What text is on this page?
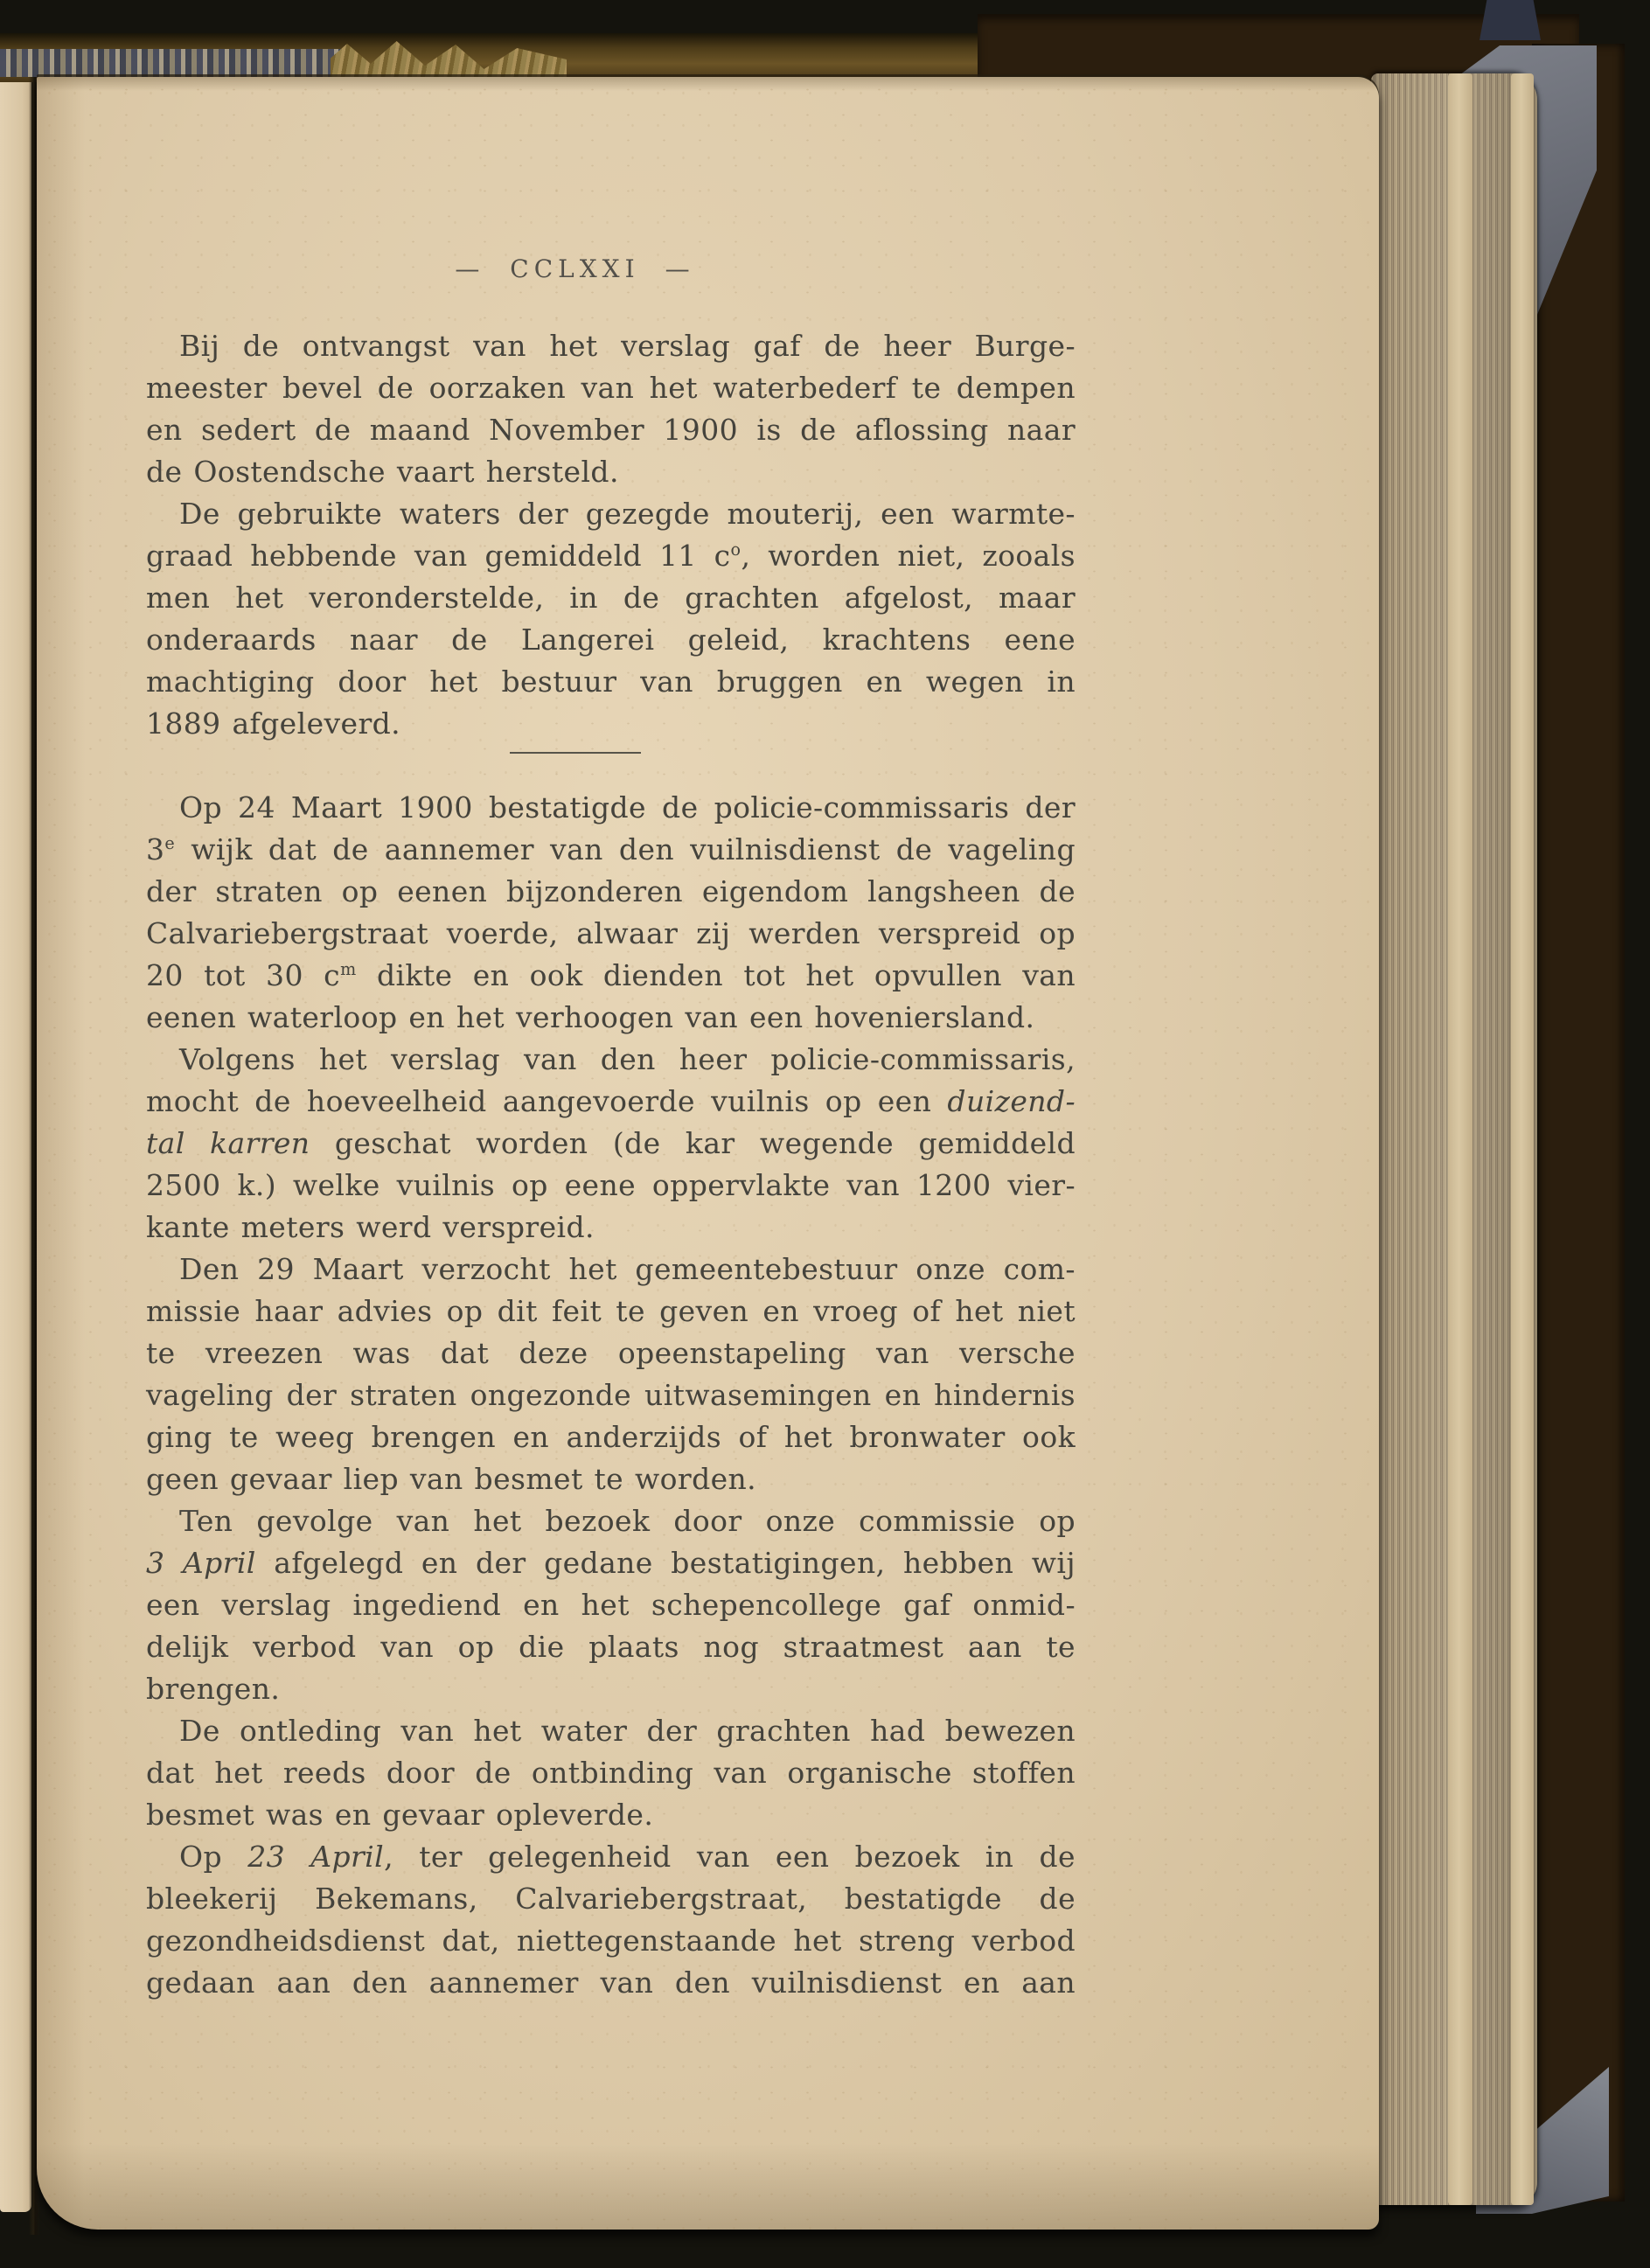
— CCLXXI —
Bij de ontvangst van het verslag gaf de heer Burge-
meester bevel de oorzaken van het waterbederf te dempen
en sedert de maand November 1900 is de aflossing naar
de Oostendsche vaart hersteld.
De gebruikte waters der gezegde mouterij, een warmte-
graad hebbende van gemiddeld 11 $c^o$, worden niet, zooals
men het veronderstelde, in de grachten afgelost, maar
onderaards naar de Langerei geleid, krachtens eene
machtiging door het bestuur van bruggen en wegen in
1889 afgeleverd.
Op 24 Maart 1900 bestatigde de policie-commissaris der
3e wijk dat de aannemer van den vuilnisdienst de vageling
der straten op eenen bijzonderen eigendom langsheen de
Calvariebergstraat voerde, alwaar zij werden verspreid op
20 tot 30 $c^m$ dikte en ook dienden tot het opvullen van
eenen waterloop en het verhoogen van een hoveniersland.
Volgens het verslag van den heer policie-commissaris,
mocht de hoeveelheid aangevoerde vuilnis op een duizend-
tal karren geschat worden (de kar wegende gemiddeld
2500 k.) welke vuilnis op eene oppervlakte van 1200 vier-
kante meters werd verspreid.
Den 29 Maart verzocht het gemeentebestuur onze com-
missie haar advies op dit feit te geven en vroeg of het niet
te vreezen was dat deze opeenstapeling van versche
vageling der straten ongezonde uitwasemingen en hindernis
ging te weeg brengen en anderzijds of het bronwater ook
geen gevaar liep van besmet te worden.
Ten gevolge van het bezoek door onze commissie op
3 April afgelegd en der gedane bestatigingen, hebben wij
een verslag ingediend en het schepencollege gaf onmid-
delijk verbod van op die plaats nog straatmest aan te
brengen.
De ontleding van het water der grachten had bewezen
dat het reeds door de ontbinding van organische stoffen
besmet was en gevaar opleverde.
Op 23 April, ter gelegenheid van een bezoek in de
bleekerij Bekemans, Calvariebergstraat, bestatigde de
gezondheidsdienst dat, niettegenstaande het streng verbod
gedaan aan den aannemer van den vuilnisdienst en aan
